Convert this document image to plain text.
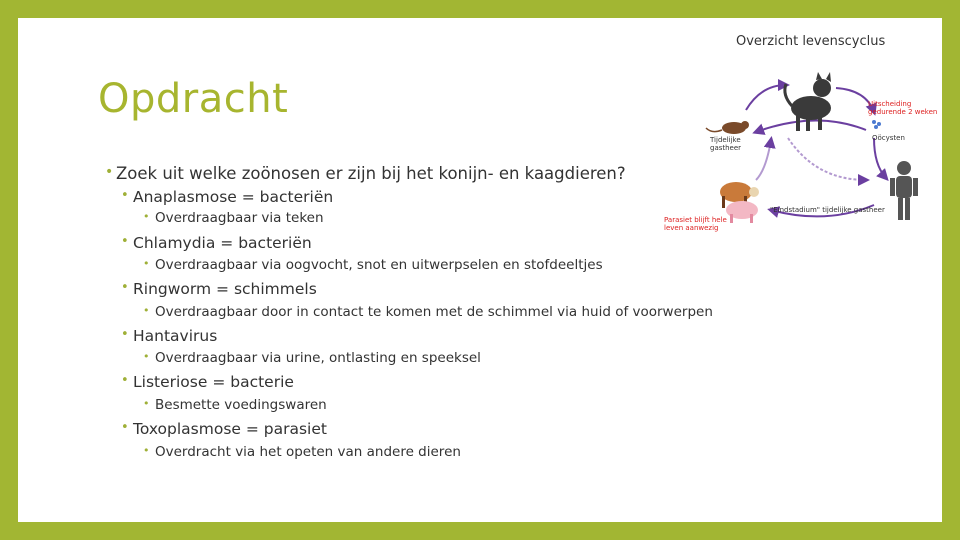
Opdracht
• Zoek uit welke zoönosen er zijn bij het konijn- en kaagdieren?
• Anaplasmose = bacteriën
• Overdraagbaar via teken
• Chlamydia = bacteriën
• Overdraagbaar via oogvocht, snot en uitwerpselen en stofdeeltjes
• Ringworm = schimmels
• Overdraagbaar door in contact te komen met de schimmel via huid of voorwerpen
• Hantavirus
• Overdraagbaar via urine, ontlasting en speeksel
• Listeriose = bacterie
• Besmette voedingswaren
• Toxoplasmose = parasiet
• Overdracht via het opeten van andere dieren
Overzicht levenscyclus
Uitscheiding gedurende 2 weken
Oöcysten
Tijdelijke gastheer
Parasiet blijft hele leven aanwezig
"Eindstadium" tijdelijke gastheer
